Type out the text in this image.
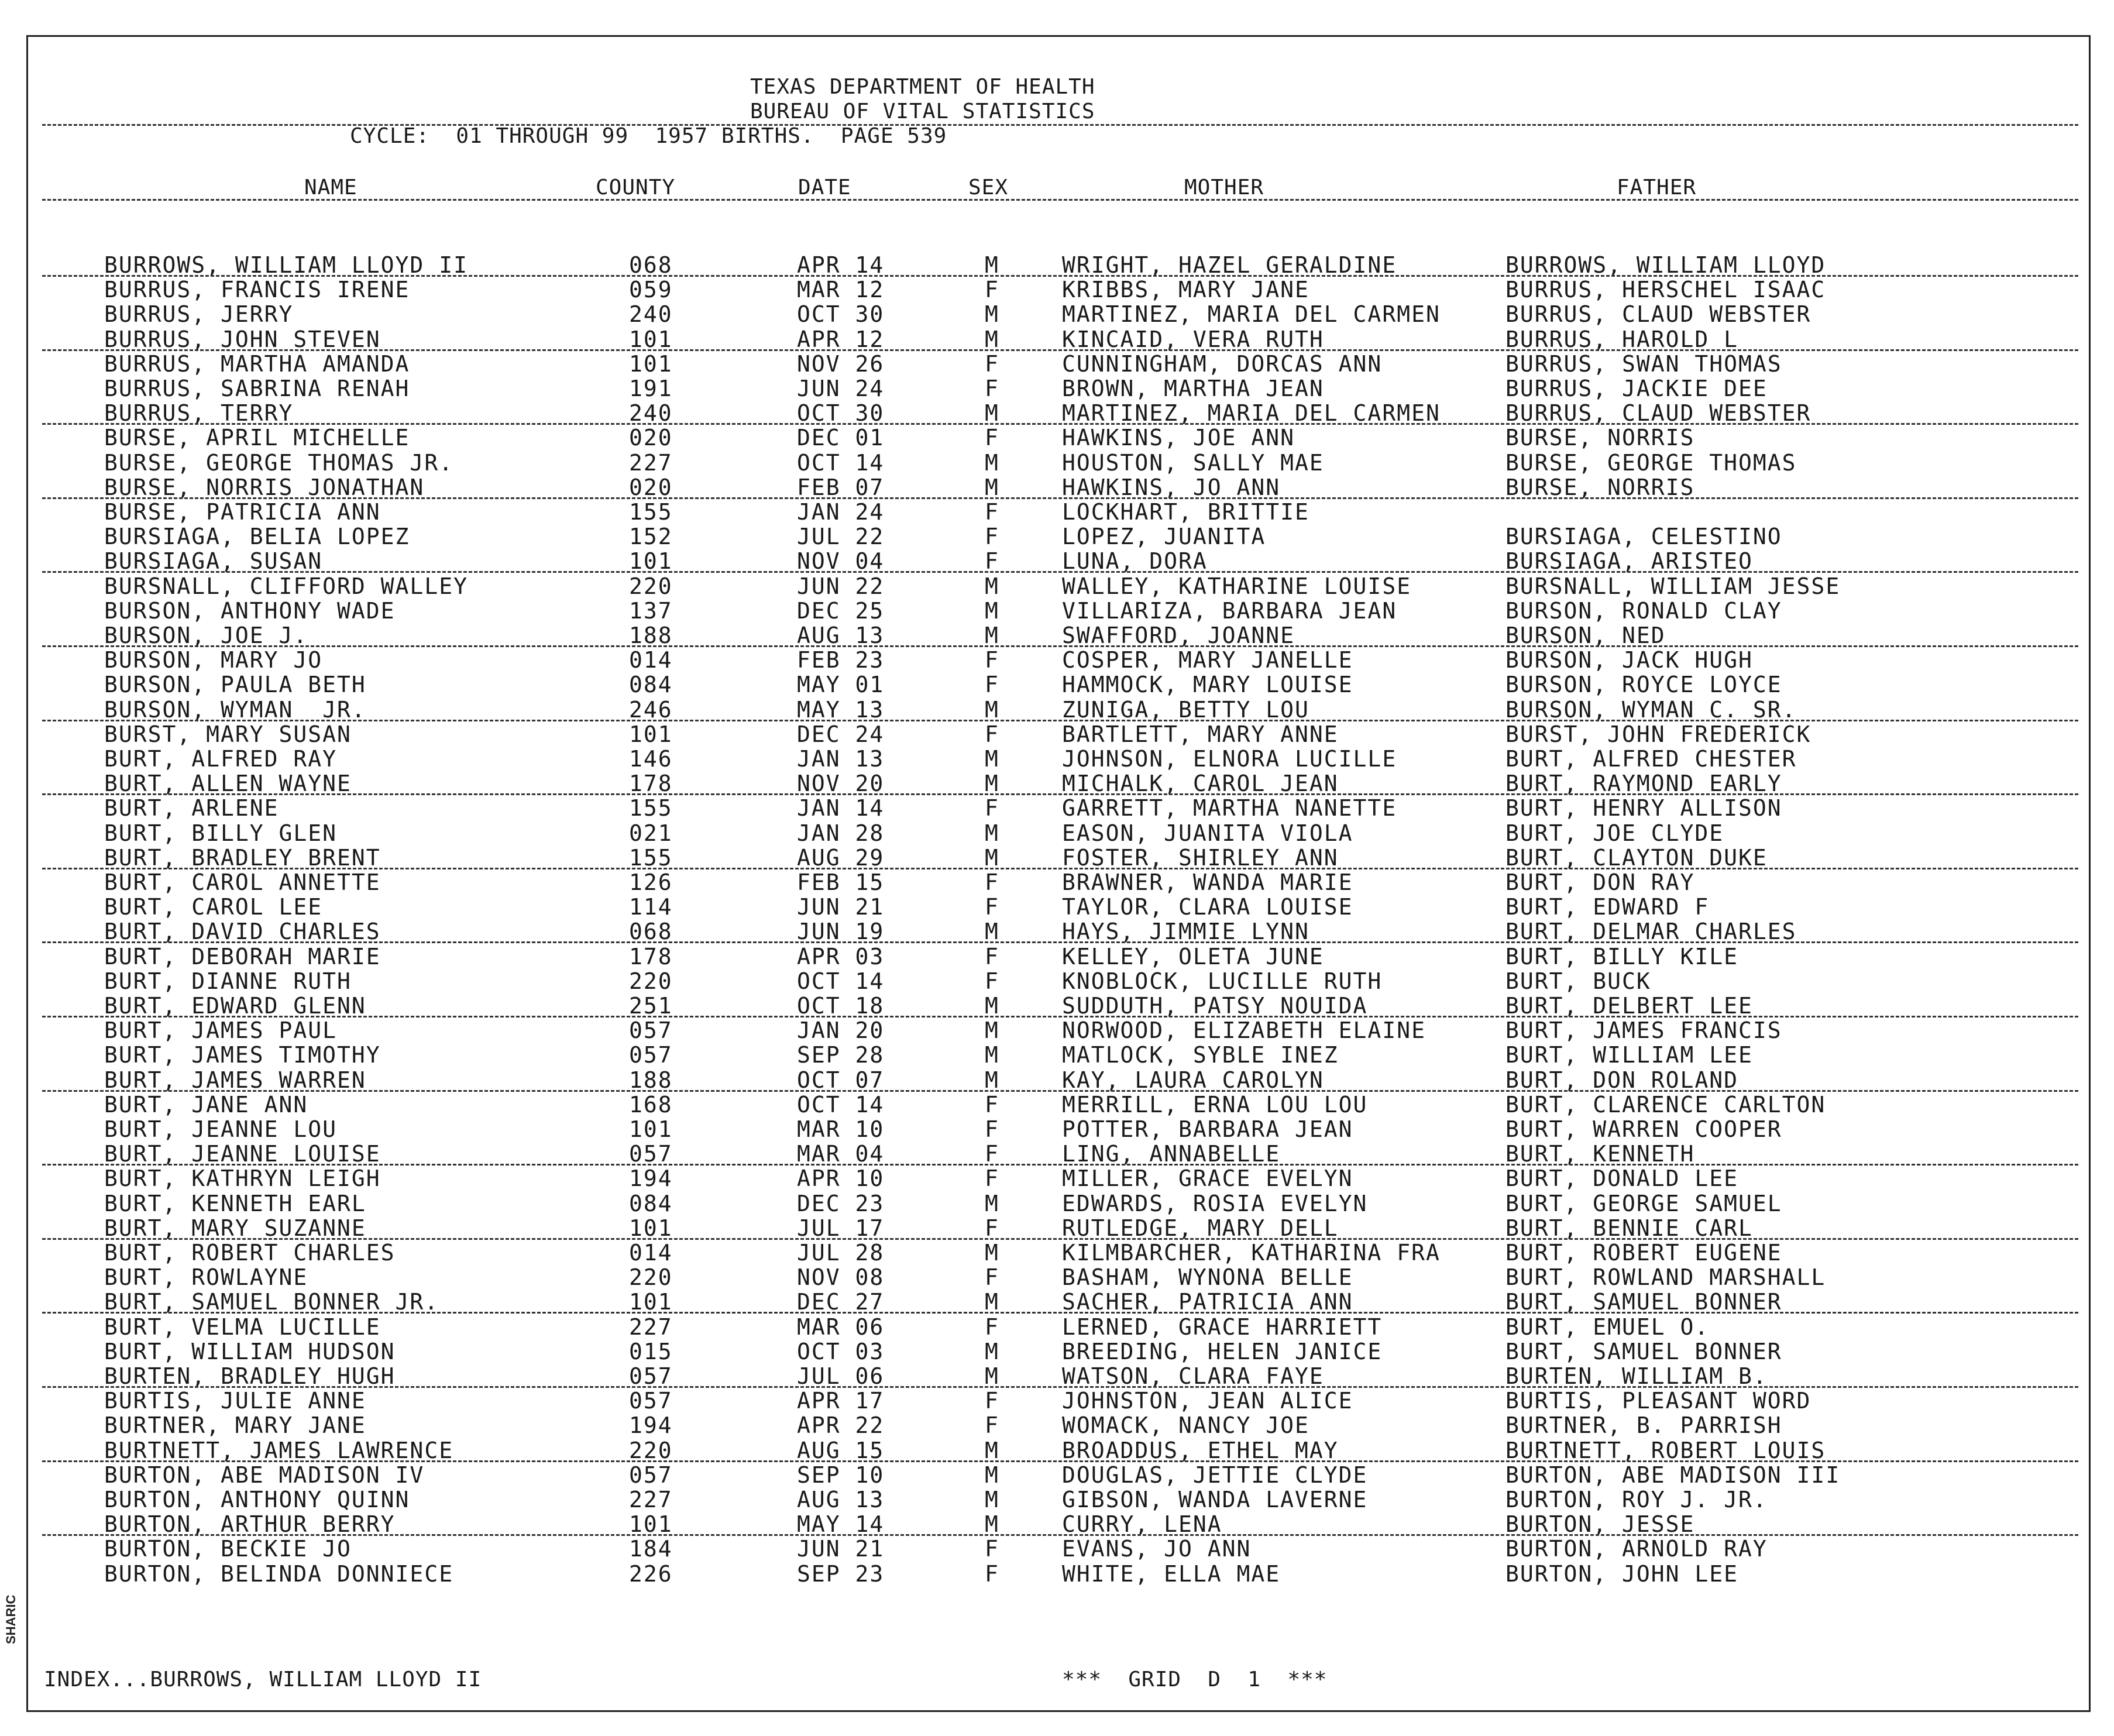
TEXAS DEPARTMENT OF HEALTH
BUREAU OF VITAL STATISTICS
CYCLE:  01 THROUGH 99  1957 BIRTHS.  PAGE 539
NAME	COUNTY	DATE	SEX	MOTHER	FATHER
BURROWS, WILLIAM LLOYD II	068	APR 14	M	WRIGHT, HAZEL GERALDINE	BURROWS, WILLIAM LLOYD
BURRUS, FRANCIS IRENE	059	MAR 12	F	KRIBBS, MARY JANE	BURRUS, HERSCHEL ISAAC
BURRUS, JERRY	240	OCT 30	M	MARTINEZ, MARIA DEL CARMEN	BURRUS, CLAUD WEBSTER
BURRUS, JOHN STEVEN	101	APR 12	M	KINCAID, VERA RUTH	BURRUS, HAROLD L
BURRUS, MARTHA AMANDA	101	NOV 26	F	CUNNINGHAM, DORCAS ANN	BURRUS, SWAN THOMAS
BURRUS, SABRINA RENAH	191	JUN 24	F	BROWN, MARTHA JEAN	BURRUS, JACKIE DEE
BURRUS, TERRY	240	OCT 30	M	MARTINEZ, MARIA DEL CARMEN	BURRUS, CLAUD WEBSTER
BURSE, APRIL MICHELLE	020	DEC 01	F	HAWKINS, JOE ANN	BURSE, NORRIS
BURSE, GEORGE THOMAS JR.	227	OCT 14	M	HOUSTON, SALLY MAE	BURSE, GEORGE THOMAS
BURSE, NORRIS JONATHAN	020	FEB 07	M	HAWKINS, JO ANN	BURSE, NORRIS
BURSE, PATRICIA ANN	155	JAN 24	F	LOCKHART, BRITTIE
BURSIAGA, BELIA LOPEZ	152	JUL 22	F	LOPEZ, JUANITA	BURSIAGA, CELESTINO
BURSIAGA, SUSAN	101	NOV 04	F	LUNA, DORA	BURSIAGA, ARISTEO
BURSNALL, CLIFFORD WALLEY	220	JUN 22	M	WALLEY, KATHARINE LOUISE	BURSNALL, WILLIAM JESSE
BURSON, ANTHONY WADE	137	DEC 25	M	VILLARIZA, BARBARA JEAN	BURSON, RONALD CLAY
BURSON, JOE J.	188	AUG 13	M	SWAFFORD, JOANNE	BURSON, NED
BURSON, MARY JO	014	FEB 23	F	COSPER, MARY JANELLE	BURSON, JACK HUGH
BURSON, PAULA BETH	084	MAY 01	F	HAMMOCK, MARY LOUISE	BURSON, ROYCE LOYCE
BURSON, WYMAN  JR.	246	MAY 13	M	ZUNIGA, BETTY LOU	BURSON, WYMAN C. SR.
BURST, MARY SUSAN	101	DEC 24	F	BARTLETT, MARY ANNE	BURST, JOHN FREDERICK
BURT, ALFRED RAY	146	JAN 13	M	JOHNSON, ELNORA LUCILLE	BURT, ALFRED CHESTER
BURT, ALLEN WAYNE	178	NOV 20	M	MICHALK, CAROL JEAN	BURT, RAYMOND EARLY
BURT, ARLENE	155	JAN 14	F	GARRETT, MARTHA NANETTE	BURT, HENRY ALLISON
BURT, BILLY GLEN	021	JAN 28	M	EASON, JUANITA VIOLA	BURT, JOE CLYDE
BURT, BRADLEY BRENT	155	AUG 29	M	FOSTER, SHIRLEY ANN	BURT, CLAYTON DUKE
BURT, CAROL ANNETTE	126	FEB 15	F	BRAWNER, WANDA MARIE	BURT, DON RAY
BURT, CAROL LEE	114	JUN 21	F	TAYLOR, CLARA LOUISE	BURT, EDWARD F
BURT, DAVID CHARLES	068	JUN 19	M	HAYS, JIMMIE LYNN	BURT, DELMAR CHARLES
BURT, DEBORAH MARIE	178	APR 03	F	KELLEY, OLETA JUNE	BURT, BILLY KILE
BURT, DIANNE RUTH	220	OCT 14	F	KNOBLOCK, LUCILLE RUTH	BURT, BUCK
BURT, EDWARD GLENN	251	OCT 18	M	SUDDUTH, PATSY NOUIDA	BURT, DELBERT LEE
BURT, JAMES PAUL	057	JAN 20	M	NORWOOD, ELIZABETH ELAINE	BURT, JAMES FRANCIS
BURT, JAMES TIMOTHY	057	SEP 28	M	MATLOCK, SYBLE INEZ	BURT, WILLIAM LEE
BURT, JAMES WARREN	188	OCT 07	M	KAY, LAURA CAROLYN	BURT, DON ROLAND
BURT, JANE ANN	168	OCT 14	F	MERRILL, ERNA LOU LOU	BURT, CLARENCE CARLTON
BURT, JEANNE LOU	101	MAR 10	F	POTTER, BARBARA JEAN	BURT, WARREN COOPER
BURT, JEANNE LOUISE	057	MAR 04	F	LING, ANNABELLE	BURT, KENNETH
BURT, KATHRYN LEIGH	194	APR 10	F	MILLER, GRACE EVELYN	BURT, DONALD LEE
BURT, KENNETH EARL	084	DEC 23	M	EDWARDS, ROSIA EVELYN	BURT, GEORGE SAMUEL
BURT, MARY SUZANNE	101	JUL 17	F	RUTLEDGE, MARY DELL	BURT, BENNIE CARL
BURT, ROBERT CHARLES	014	JUL 28	M	KILMBARCHER, KATHARINA FRA	BURT, ROBERT EUGENE
BURT, ROWLAYNE	220	NOV 08	F	BASHAM, WYNONA BELLE	BURT, ROWLAND MARSHALL
BURT, SAMUEL BONNER JR.	101	DEC 27	M	SACHER, PATRICIA ANN	BURT, SAMUEL BONNER
BURT, VELMA LUCILLE	227	MAR 06	F	LERNED, GRACE HARRIETT	BURT, EMUEL O.
BURT, WILLIAM HUDSON	015	OCT 03	M	BREEDING, HELEN JANICE	BURT, SAMUEL BONNER
BURTEN, BRADLEY HUGH	057	JUL 06	M	WATSON, CLARA FAYE	BURTEN, WILLIAM B.
BURTIS, JULIE ANNE	057	APR 17	F	JOHNSTON, JEAN ALICE	BURTIS, PLEASANT WORD
BURTNER, MARY JANE	194	APR 22	F	WOMACK, NANCY JOE	BURTNER, B. PARRISH
BURTNETT, JAMES LAWRENCE	220	AUG 15	M	BROADDUS, ETHEL MAY	BURTNETT, ROBERT LOUIS
BURTON, ABE MADISON IV	057	SEP 10	M	DOUGLAS, JETTIE CLYDE	BURTON, ABE MADISON III
BURTON, ANTHONY QUINN	227	AUG 13	M	GIBSON, WANDA LAVERNE	BURTON, ROY J. JR.
BURTON, ARTHUR BERRY	101	MAY 14	M	CURRY, LENA	BURTON, JESSE
BURTON, BECKIE JO	184	JUN 21	F	EVANS, JO ANN	BURTON, ARNOLD RAY
BURTON, BELINDA DONNIECE	226	SEP 23	F	WHITE, ELLA MAE	BURTON, JOHN LEE
SHARIC
INDEX...BURROWS, WILLIAM LLOYD II	***  GRID  D  1  ***
